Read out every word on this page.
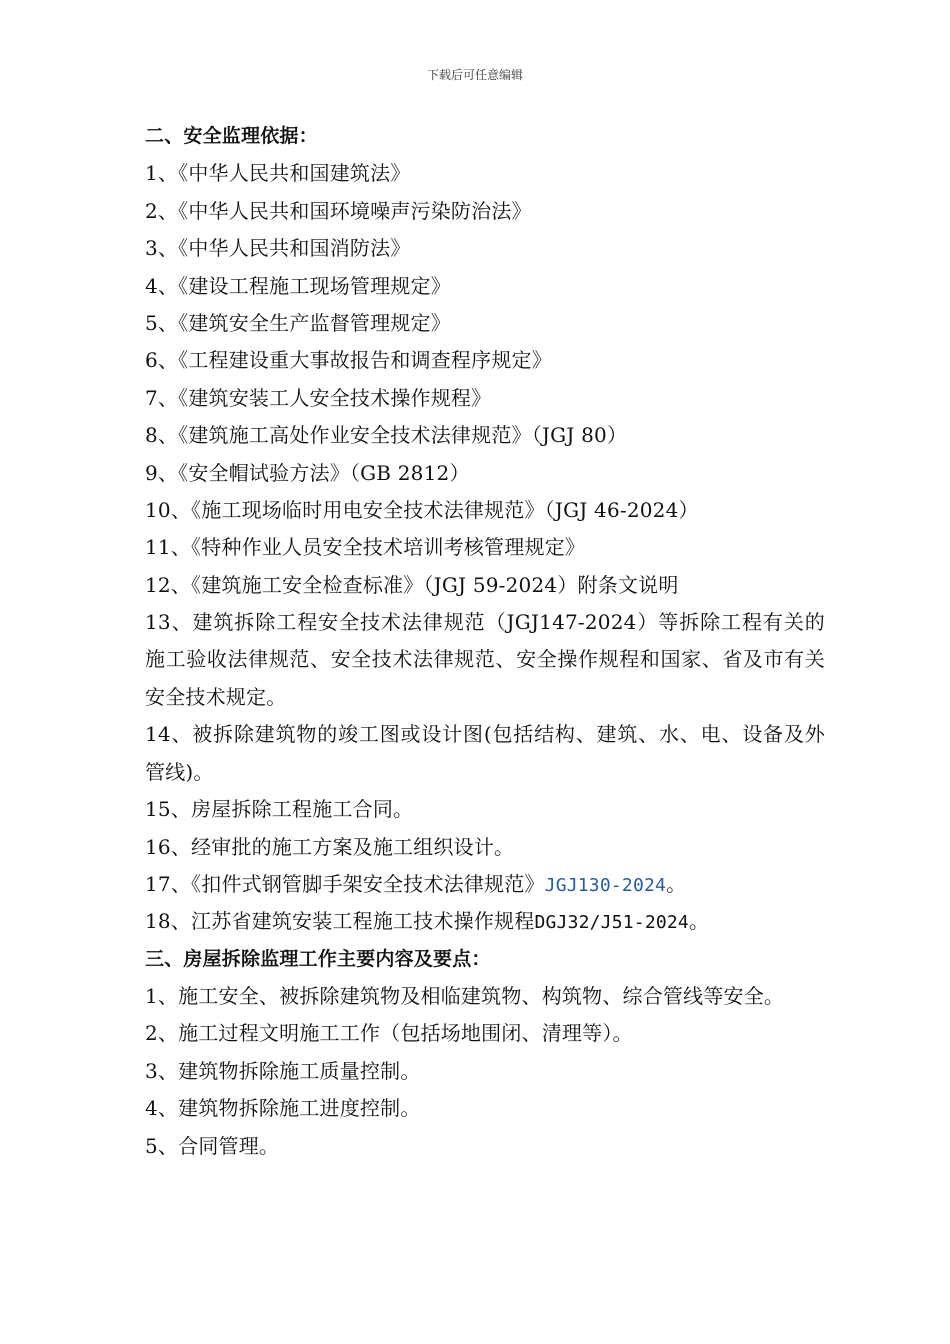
下载后可任意编辑
二、安全监理依据：
1、《中华人民共和国建筑法》
2、《中华人民共和国环境噪声污染防治法》
3、《中华人民共和国消防法》
4、《建设工程施工现场管理规定》
5、《建筑安全生产监督管理规定》
6、《工程建设重大事故报告和调查程序规定》
7、《建筑安装工人安全技术操作规程》
8、《建筑施工高处作业安全技术法律规范》（JGJ 80）
9、《安全帽试验方法》（GB 2812）
10、《施工现场临时用电安全技术法律规范》（JGJ 46-2024）
11、《特种作业人员安全技术培训考核管理规定》
12、《建筑施工安全检查标准》（JGJ 59-2024）附条文说明
13、建筑拆除工程安全技术法律规范（JGJ147-2024）等拆除工程有关的施工验收法律规范、安全技术法律规范、安全操作规程和国家、省及市有关安全技术规定。
14、被拆除建筑物的竣工图或设计图(包括结构、建筑、水、电、设备及外管线)。
15、房屋拆除工程施工合同。
16、经审批的施工方案及施工组织设计。
17、《扣件式钢管脚手架安全技术法律规范》JGJ130-2024。
18、江苏省建筑安装工程施工技术操作规程DGJ32/J51-2024。
三、房屋拆除监理工作主要内容及要点：
1、施工安全、被拆除建筑物及相临建筑物、构筑物、综合管线等安全。
2、施工过程文明施工工作（包括场地围闭、清理等）。
3、建筑物拆除施工质量控制。
4、建筑物拆除施工进度控制。
5、合同管理。
